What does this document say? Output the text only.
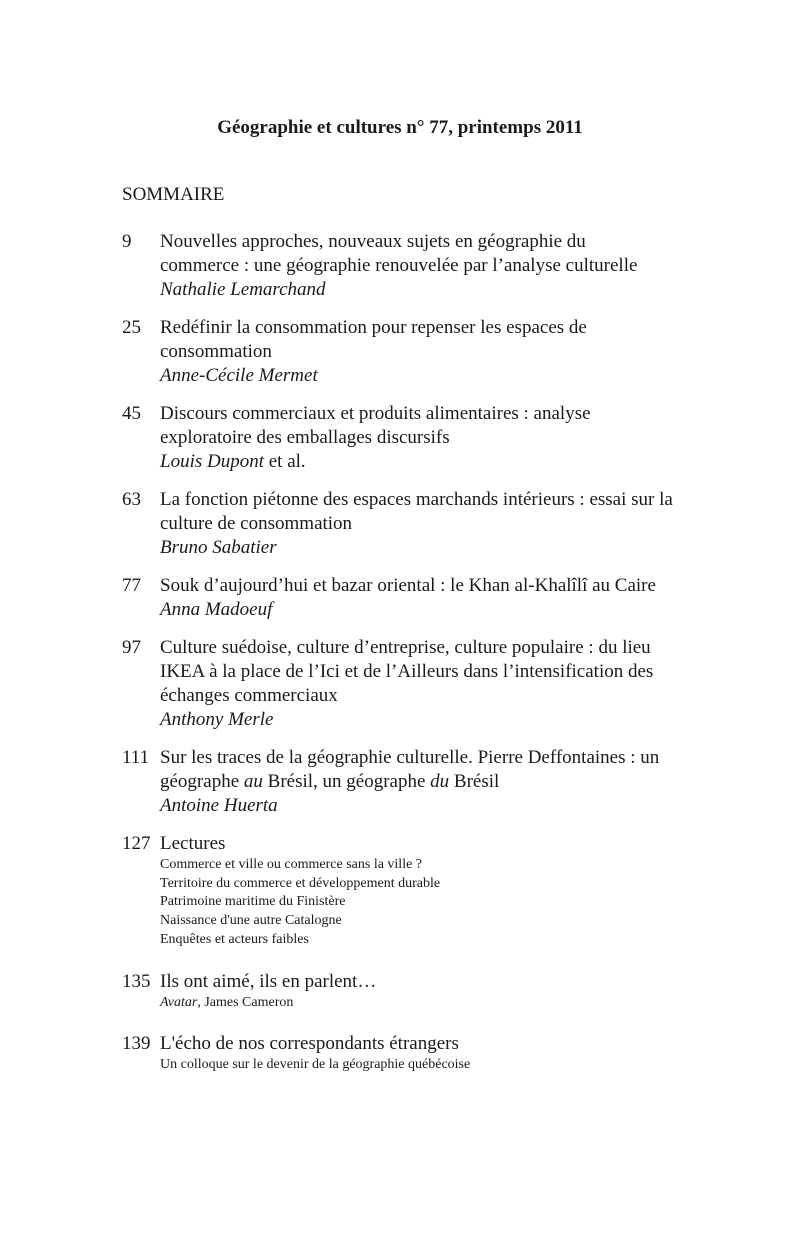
Géographie et cultures n° 77, printemps 2011
SOMMAIRE
9	Nouvelles approches, nouveaux sujets en géographie du
commerce : une géographie renouvelée par l’analyse culturelle
Nathalie Lemarchand
25	Redéfinir la consommation pour repenser les espaces de
consommation
Anne-Cécile Mermet
45	Discours commerciaux et produits alimentaires : analyse
exploratoire des emballages discursifs
Louis Dupont et al.
63	La fonction piétonne des espaces marchands intérieurs : essai sur la
culture de consommation
Bruno Sabatier
77	Souk d’aujourd’hui et bazar oriental : le Khan al-Khalîlî au Caire
Anna Madoeuf
97	Culture suédoise, culture d’entreprise, culture populaire : du lieu
IKEA à la place de l’Ici et de l’Ailleurs dans l’intensification des
échanges commerciaux
Anthony Merle
111 Sur les traces de la géographie culturelle. Pierre Deffontaines : un
géographe au Brésil, un géographe du Brésil
Antoine Huerta
127 Lectures
Commerce et ville ou commerce sans la ville ?
Territoire du commerce et développement durable
Patrimoine maritime du Finistère
Naissance d'une autre Catalogne
Enquêtes et acteurs faibles
135 Ils ont aimé, ils en parlent…
Avatar, James Cameron
139 L'écho de nos correspondants étrangers
Un colloque sur le devenir de la géographie québécoise
